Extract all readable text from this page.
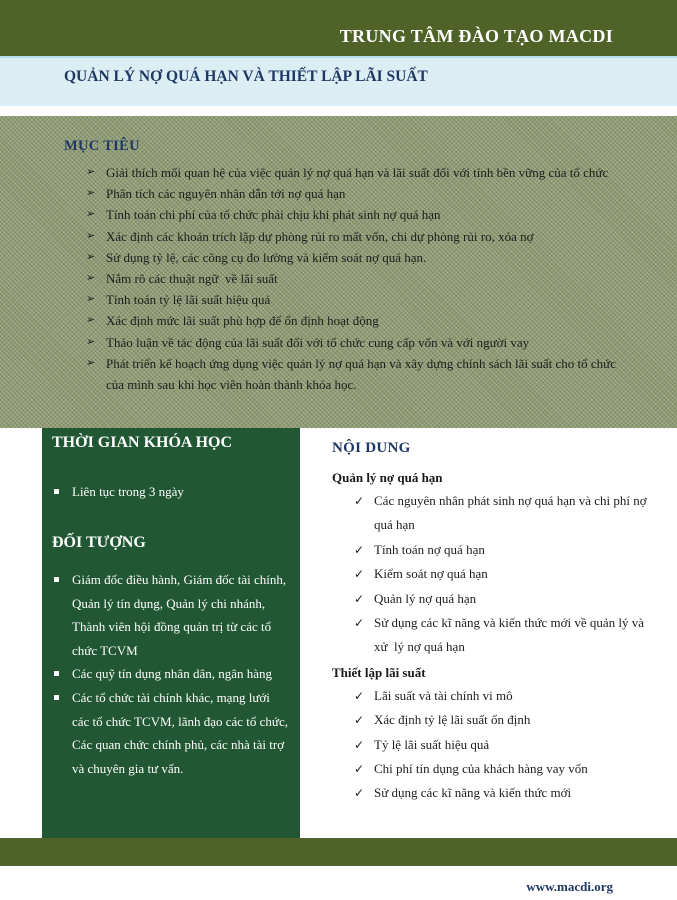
TRUNG TÂM ĐÀO TẠO MACDI
QUẢN LÝ NỢ QUÁ HẠN VÀ THIẾT LẬP LÃI SUẤT
MỤC TIÊU
➢ Giải thích mối quan hệ của việc quản lý nợ quá hạn và lãi suất đối với tính bền vững của tổ chức
➢ Phân tích các nguyên nhân dẫn tới nợ quá hạn
➢ Tính toán chi phí của tổ chức phải chịu khi phát sinh nợ quá hạn
➢ Xác định các khoản trích lập dự phòng rủi ro mất vốn, chi dự phòng rủi ro, xóa nợ
➢ Sử dụng tỷ lệ, các công cụ đo lường và kiểm soát nợ quá hạn.
➢ Nắm rõ các thuật ngữ  về lãi suất
➢ Tính toán tỷ lệ lãi suất hiệu quả
➢ Xác định mức lãi suất phù hợp để ổn định hoạt động
➢ Thảo luận về tác động của lãi suất đối với tổ chức cung cấp vốn và với người vay
➢ Phát triển kế hoạch ứng dụng việc quản lý nợ quá hạn và xây dựng chính sách lãi suất cho tổ chức của mình sau khi học viên hoàn thành khóa học.
THỜI GIAN KHÓA HỌC
Liên tục trong 3 ngày
ĐỐI TƯỢNG
Giám đốc điều hành, Giám đốc tài chính, Quản lý tín dụng, Quản lý chi nhánh, Thành viên hội đồng quản trị từ các tổ chức TCVM
Các quỹ tín dụng nhân dân, ngân hàng
Các tổ chức tài chính khác, mạng lưới các tổ chức TCVM, lãnh đạo các tổ chức, Các quan chức chính phủ, các nhà tài trợ và chuyên gia tư vấn.
NỘI DUNG
Quản lý nợ quá hạn
✓ Các nguyên nhân phát sinh nợ quá hạn và chi phí nợ quá hạn
✓ Tính toán nợ quá hạn
✓ Kiểm soát nợ quá hạn
✓ Quản lý nợ quá hạn
✓ Sử dụng các kĩ năng và kiến thức mới về quản lý và xử  lý nợ quá hạn
Thiết lập lãi suất
✓ Lãi suất và tài chính vi mô
✓ Xác định tỷ lệ lãi suất ổn định
✓ Tỷ lệ lãi suất hiệu quả
✓ Chi phí tín dụng của khách hàng vay vốn
✓ Sử dụng các kĩ năng và kiến thức mới
www.macdi.org
